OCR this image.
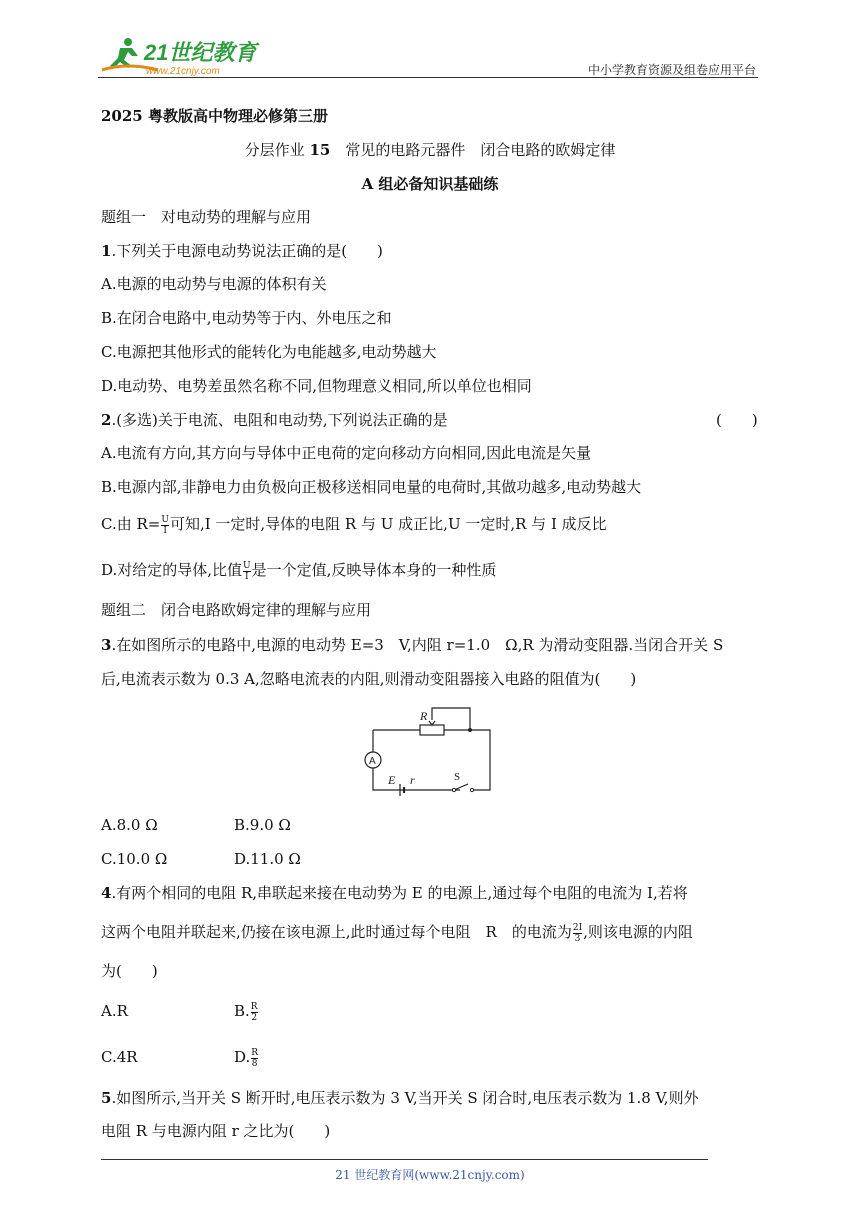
21世纪教育
www.21cnjy.com	中小学教育资源及组卷应用平台
2025 粤教版高中物理必修第三册
分层作业 15　常见的电路元器件　闭合电路的欧姆定律
A 组必备知识基础练
题组一　对电动势的理解与应用
1.下列关于电源电动势说法正确的是(　　)
A.电源的电动势与电源的体积有关
B.在闭合电路中,电动势等于内、外电压之和
C.电源把其他形式的能转化为电能越多,电动势越大
D.电动势、电势差虽然名称不同,但物理意义相同,所以单位也相同
2.(多选)关于电流、电阻和电动势,下列说法正确的是	(　　)
A.电流有方向,其方向与导体中正电荷的定向移动方向相同,因此电流是矢量
B.电源内部,非静电力由负极向正极移送相同电量的电荷时,其做功越多,电动势越大
C.由 $R= \frac{U}{I}$ 可知,I 一定时,导体的电阻 R 与 U 成正比,U 一定时,R 与 I 成反比
D.对给定的导体,比值 $\frac{U}{I}$ 是一个定值,反映导体本身的一种性质
题组二　闭合电路欧姆定律的理解与应用
3.在如图所示的电路中,电源的电动势 E=3　V,内阻 r=1.0　Ω,R 为滑动变阻器.当闭合开关 S
后,电流表示数为 0.3 A,忽略电流表的内阻,则滑动变阻器接入电路的阻值为(　　)
R
E r
A
S
A.8.0 Ω	B.9.0 Ω
C.10.0 Ω	D.11.0 Ω
4.有两个相同的电阻 R,串联起来接在电动势为 E 的电源上,通过每个电阻的电流为 I,若将
这两个电阻并联起来,仍接在该电源上,此时通过每个电阻　R　的电流为 $\frac{2I}{3}$ ,则该电源的内阻
为(　　)
A.R	B. $\frac{R}{2}$
C.4R	D. $\frac{R}{8}$
5.如图所示,当开关 S 断开时,电压表示数为 3 V,当开关 S 闭合时,电压表示数为 1.8 V,则外
电阻 R 与电源内阻 r 之比为(　　)
21 世纪教育网(www.21cnjy.com)
